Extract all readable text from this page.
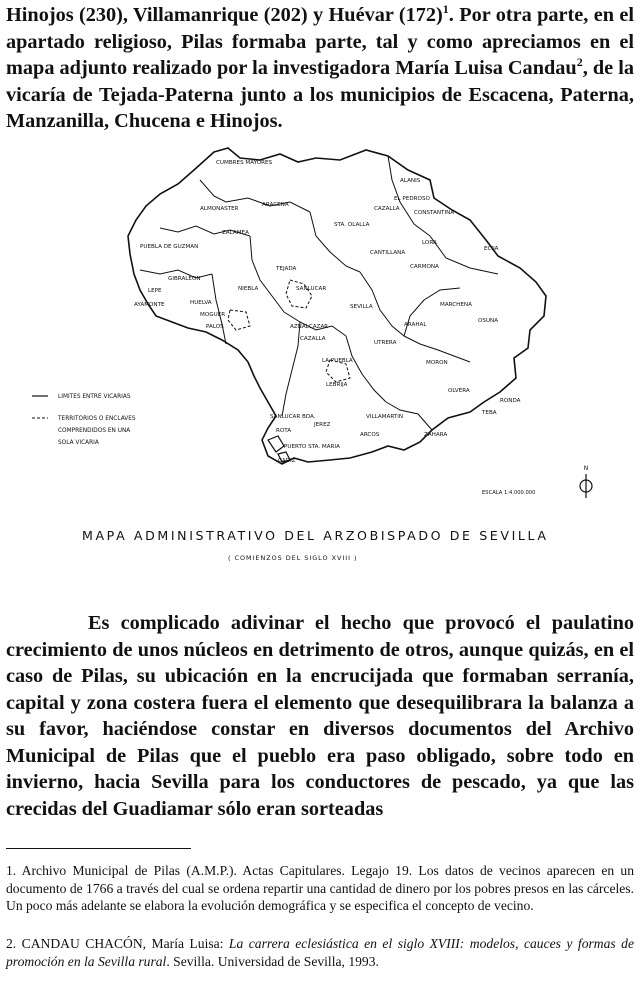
Hinojos (230), Villamanrique (202) y Huévar $(172)^1$. Por otra parte, en el apartado religioso, Pilas formaba parte, tal y como apreciamos en el mapa adjunto realizado por la investigadora María Luisa Candau$^2$, de la vicaría de Tejada-Paterna junto a los municipios de Escacena, Paterna, Manzanilla, Chucena e Hinojos.
CUMBRES MAYORES
ALANIS
ARACENA
ALMONASTER
PUEBLA DE GUZMAN
GIBRALEON
HUELVA
NIEBLA
TEJADA
SANLUCAR
SEVILLA
CARMONA
ECIJA
MARCHENA
OSUNA
MORON
UTRERA
LEBRIJA
JEREZ
ARCOS	ZAHARA
TEBA
CAZALLA
CONSTANTINA
LORA
CANTILLANA
EL PEDROSO
STA. OLALLA
ZALAMEA
PALOS
MOGUER
LEPE
AYAMONTE
AZNALCAZAR
CAZALLA
RONDA
ROTA
PUERTO STA. MARIA
SANLUCAR BDA.
CADIZ
VILLAMARTIN
OLVERA
LA PUEBLA
ARAHAL
LIMITES ENTRE VICARIAS
TERRITORIOS O ENCLAVES
COMPRENDIDOS EN UNA
SOLA VICARIA
ESCALA 1:4.000.000
N
MAPA ADMINISTRATIVO DEL ARZOBISPADO DE SEVILLA
( COMIENZOS DEL SIGLO XVIII )
Es complicado adivinar el hecho que provocó el paulatino crecimiento de unos núcleos en detrimento de otros, aunque quizás, en el caso de Pilas, su ubicación en la encrucijada que formaban serranía, capital y zona costera fuera el elemento que desequilibrara la balanza a su favor, haciéndose constar en diversos documentos del Archivo Municipal de Pilas que el pueblo era paso obligado, sobre todo en invierno, hacia Sevilla para los conductores de pescado, ya que las crecidas del Guadiamar sólo eran sorteadas
1. Archivo Municipal de Pilas (A.M.P.). Actas Capitulares. Legajo 19. Los datos de vecinos aparecen en un documento de 1766 a través del cual se ordena repartir una cantidad de dinero por los pobres presos en las cárceles. Un poco más adelante se elabora la evolución demográfica y se especifica el concepto de vecino.
2. CANDAU CHACÓN, María Luisa: La carrera eclesiástica en el siglo XVIII: modelos, cauces y formas de promoción en la Sevilla rural. Sevilla. Universidad de Sevilla, 1993.
